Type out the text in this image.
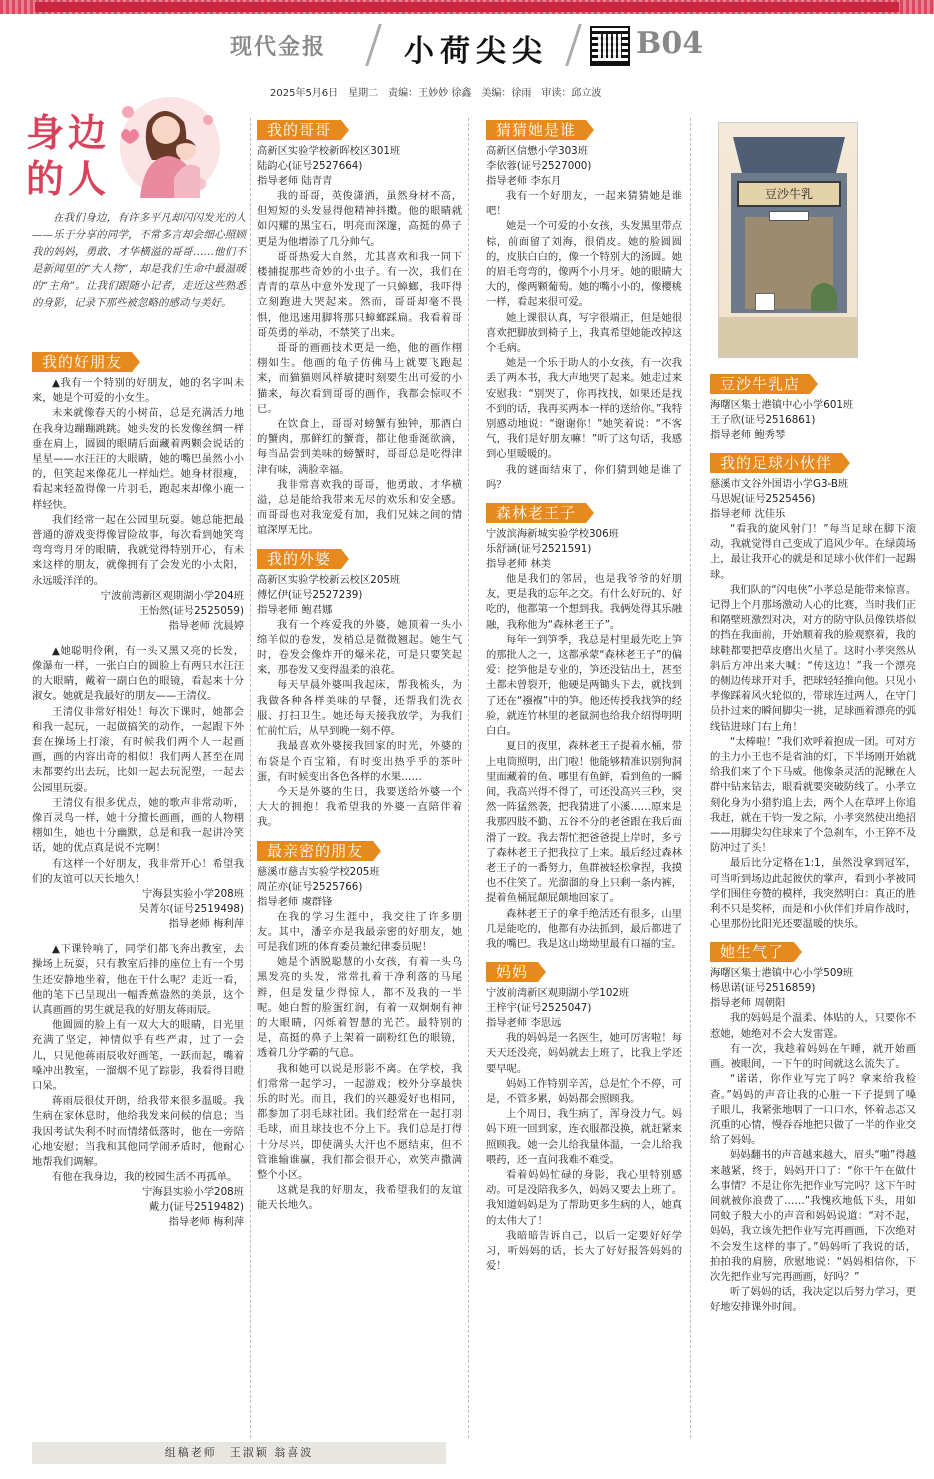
现代金报	小荷尖尖	B04
2025年5月6日　星期二　责编：王妙妙 徐鑫　美编：徐雨　审读：邱立波
身边的人
在我们身边，有许多平凡却闪闪发光的人——乐于分享的同学，不常多言却会细心照顾我的妈妈，勇敢、才华横溢的哥哥……他们不是新闻里的“大人物”，却是我们生命中最温暖的“主角”。让我们跟随小记者，走近这些熟悉的身影，记录下那些被忽略的感动与美好。
我的好朋友

▲我有一个特别的好朋友，她的名字叫未来，她是个可爱的小女生。

未来就像春天的小树苗，总是充满活力地在我身边蹦蹦跳跳。她头发的长发像丝绸一样垂在肩上，圆圆的眼睛后面藏着两颗会说话的星星——水汪汪的大眼睛，她的嘴巴虽然小小的，但笑起来像花儿一样灿烂。她身材很瘦，看起来轻盈得像一片羽毛，跑起来却像小鹿一样轻快。

我们经常一起在公园里玩耍。她总能把最普通的游戏变得像冒险故事，每次看到她笑弯弯弯弯月牙的眼睛，我就觉得特别开心，有未来这样的朋友，就像拥有了会发光的小太阳，永远暖洋洋的。

宁波前湾新区观期湖小学204班
王怡然(证号2525059)
指导老师 沈晨婷

▲她聪明伶俐，有一头又黑又亮的长发，像瀑布一样，一张白白的圆脸上有两只水汪汪的大眼睛，戴着一副白色的眼镜，看起来十分淑女。她就是我最好的朋友——王清仪。

王清仪非常好相处！每次下课时，她都会和我一起玩，一起做搞笑的动作，一起跟下外套在操场上打滚，有时候我们两个人一起画画，画的内容出奇的相似！我们两人甚至在周末都要约出去玩，比如一起去玩泥塑，一起去公园里玩耍。

王清仪有很多优点，她的歌声非常动听，像百灵鸟一样，她十分擅长画画，画的人物栩栩如生，她也十分幽默，总是和我一起讲冷笑话，她的优点真是说不完啊！

有这样一个好朋友，我非常开心！希望我们的友谊可以天长地久！

宁海县实验小学208班
吴菁尔(证号2519498)
指导老师 梅利萍

▲下课铃响了，同学们都飞奔出教室，去操场上玩耍，只有教室后排的座位上有一个男生还安静地坐着，他在干什么呢？走近一看，他的笔下已呈现出一幅香蕉盎然的美景，这个认真画画的男生就是我的好朋友蒋雨辰。

他圆圆的脸上有一双大大的眼睛，目光里充满了坚定，神情似乎有些严肃，过了一会儿，只见他蒋雨辰收好画笔，一跃而起，嘴着嗓冲出教室，一溜烟不见了踪影，我看得目瞪口呆。

蒋雨辰很仗开朗，给我带来很多温暖。我生病在家休息时，他给我发来问候的信息；当我因考试失利不时而情绪低落时，他在一旁陪心地安慰；当我和其他同学闹矛盾时，他耐心地帮我们调解。

有他在我身边，我的校园生活不再孤单。

宁海县实验小学208班
戴力(证号2519482)
指导老师 梅利萍
我的哥哥
高新区实验学校新晖校区301班
陆韵心(证号2527664)
指导老师 陆青青

我的哥哥，英俊潇洒，虽然身材不高，但短短的头发显得他精神抖擞。他的眼睛就如闪耀的黑宝石，明亮而深邃，高挺的鼻子更是为他增添了几分帅气。

哥哥热爱大自然，尤其喜欢和我一同下楼捕捉那些奇妙的小虫子。有一次，我们在青青的草丛中意外发现了一只蟑螂，我吓得立刻跑进大哭起来。然而，哥哥却毫不畏惧，他迅速用脚将那只蟑螂踩扁。我看着哥哥英勇的举动，不禁笑了出来。

哥哥的画画技术更是一绝，他的画作栩栩如生。他画的龟子仿佛马上就要飞跑起来，而猫猫则风样敏捷时刻要生出可爱的小猫来，每次看到哥哥的画作，我都会惊叹不已。

在饮食上，哥哥对螃蟹有独钟，那酒白的蟹肉，那鲜红的蟹膏，都让他垂涎欲滴，每当品尝到美味的螃蟹时，哥哥总是吃得津津有味，满脸幸福。

我非常喜欢我的哥哥，他勇敢、才华横溢，总是能给我带来无尽的欢乐和安全感。而哥哥也对我宠爱有加，我们兄妹之间的情谊深厚无比。

我的外婆
高新区实验学校新云校区205班
傅忆伊(证号2527239)
指导老师 鲍君娜

我有一个疼爱我的外婆，她顶着一头小绵羊似的卷发，发梢总是微微翘起。她生气时，卷发会像炸开的爆米花，可是只要笑起来，那卷发又变得温柔的浪花。

每天早晨外婆叫我起床，帮我梳头，为我做各种各样美味的早餐，还帮我们洗衣服、打扫卫生。她还每天接我放学，为我们忙前忙后，从早到晚一刻不停。

我最喜欢外婆接我回家的时光，外婆的布袋是个百宝箱，有时变出热乎乎的茶叶蛋，有时候变出各色各样的水果……

今天是外婆的生日，我要送给外婆一个大大的拥抱！我希望我的外婆一直陪伴着我。

最亲密的朋友
慈溪市慈吉实验学校205班
周芷亦(证号2525766)
指导老师 虞群锋

在我的学习生涯中，我交往了许多朋友。其中，潘辛亦是我最亲密的好朋友，她可是我们班的体育委员兼纪律委员呢！

她是个洒脱聪慧的小女孩，有着一头乌黑发亮的头发，常常扎着干净利落的马尾辫，但是发量少得惊人，都不及我的一半呢。她白皙的脸蛋红润，有着一双炯炯有神的大眼睛，闪烁着智慧的光芒。最特别的是，高挺的鼻子上架着一副粉红色的眼镜，透着几分学霸的气息。

我和她可以说是形影不离。在学校，我们常常一起学习，一起游戏；校外分享最快乐的时光。而且，我们的兴趣爱好也相同，都参加了羽毛球社团。我们经常在一起打羽毛球，而且球技也不分上下。我们总是打得十分尽兴，即使满头大汗也不愿结束，但不管谁输谁赢，我们都会很开心，欢笑声撒满整个小区。

这就是我的好朋友，我希望我们的友谊能天长地久。

猜猜她是谁
高新区信懋小学303班
李依蓉(证号2527000)
指导老师 李东月

我有一个好朋友，一起来猜猜她是谁吧！

她是一个可爱的小女孩，头发黑里带点棕，前面留了刘海，很俏皮。她的脸圆圆的，皮肤白白的，像一个特别大的汤圆。她的眉毛弯弯的，像两个小月牙。她的眼睛大大的，像两颗葡萄。她的嘴小小的，像樱桃一样，看起来很可爱。

她上课很认真，写字很端正，但是她很喜欢把脚放到椅子上，我真希望她能改掉这个毛病。

她是一个乐于助人的小女孩，有一次我丢了两本书，我大声地哭了起来。她走过来安慰我：“别哭了，你再找找，如果还是找不到的话，我再买两本一样的送给你。”我特别感动地说：“谢谢你！”她笑着说：“不客气，我们是好朋友嘛！”听了这句话，我感到心里暖暖的。

我的谜面结束了，你们猜到她是谁了吗？

森林老王子
宁波滨海新城实验学校306班
乐舒涵(证号2521591)
指导老师 林美

他是我们的邻居，也是我爷爷的好朋友，更是我的忘年之交。有什么好玩的、好吃的，他都第一个想到我。我俩处得其乐融融，我称他为“森林老王子”。

每年一到笋季，我总是村里最先吃上笋的那批人之一，这都承蒙“森林老王子”的偏爱：挖笋他是专业的，笋还没钻出土，甚至土都未曾裂开，他硬是两锄头下去，就找到了还在“襁褓”中的笋。他还传授我找笋的经验，就连竹林里的老鼠洞也给我介绍得明明白白。

夏日的夜里，森林老王子提着水桶，带上电筒照明，出门啦！他能够精准识别狗洞里面藏着的鱼、哪里有鱼鲜，看到鱼的一瞬间，我高兴得不得了，可还没高兴三秒，突然一阵猛然袭，把我猜进了小溪……原来是我那四肢不勤、五谷不分的老爸跟在我后面滑了一跤。我去帮忙把爸爸提上岸时，多亏了森林老王子把我拉了上来。最后经过森林老王子的一番努力，鱼群被轻松拿捏，我摸也不住笑了。光溜溜的身上只剩一条内裤，提着鱼桶屁颠屁颠地回家了。

森林老王子的拿手绝活还有很多，山里几是能吃的，他都有办法抓到，最后都进了我的嘴巴。我是这山坳坳里最有口福的宝。

妈妈
宁波前湾新区观期湖小学102班
王梓宇(证号2525047)
指导老师 李思远

我的妈妈是一名医生，她可厉害啦！每天天还没亮，妈妈就去上班了，比我上学还要早呢。

妈妈工作特别辛苦，总是忙个不停，可是，不管多累，妈妈都会照顾我。

上个周日，我生病了，浑身没力气。妈妈下班一回到家，连衣服都没换，就赶紧来照顾我。她一会儿给我量体温，一会儿给我喂药，还一直问我难不难受。

看着妈妈忙碌的身影，我心里特别感动。可是没陪我多久，妈妈又要去上班了。我知道妈妈是为了帮助更多生病的人，她真的太伟大了！

我暗暗告诉自己，以后一定要好好学习，听妈妈的话，长大了好好报答妈妈的爱！

豆沙牛乳
豆沙牛乳店
海曙区集士港镇中心小学601班
王子欣(证号2516861)
指导老师 鲍秀琴
我的足球小伙伴
慈溪市文谷外国语小学G3-B班
马思妮(证号2525456)
指导老师 沈佳乐

“看我的旋风射门！”每当足球在脚下滚动，我就觉得自己变成了追风少年。在绿茵场上，最让我开心的就是和足球小伙伴们一起踢球。

我们队的“闪电侠”小孝总是能带来惊喜。记得上个月那场激动人心的比赛，当时我们正和隔壁班激烈对决，对方的防守队员像铁塔似的挡在我面前，开始顺着我的脸观察着，我的球鞋都要把草皮磨出火星了。这时小孝突然从斜后方冲出来大喊：“传这边！”我一个漂亮的侧边传球开对手，把球轻轻推向他。只见小孝像踩着风火轮似的，带球连过两人，在守门员扑过来的瞬间脚尖一挑，足球画着漂亮的弧线钻进球门右上角！

“太棒啦！”我们欢呼着抱成一团。可对方的主力小王也不是省油的灯，下半场刚开始就给我们来了个下马威。他像条灵活的泥鳅在人群中钻来钻去，眼看就要突破防线了。小孝立刻化身为小猎豹追上去，两个人在草坪上你追我赶，就在干钧一发之际，小孝突然使出绝招——用脚尖勾住球来了个急刹车，小王猝不及防冲过了头！

最后比分定格在1:1，虽然没拿到冠军，可当听到场边此起彼伏的掌声，看到小孝被同学们围住夸赞的模样，我突然明白：真正的胜利不只是奖杯，而是和小伙伴们并肩作战时，心里那份比阳光还要温暖的快乐。

她生气了
海曙区集士港镇中心小学509班
杨思诺(证号2516859)
指导老师 周朝阳

我的妈妈是个温柔、体贴的人，只要你不惹她，她绝对不会大发雷霆。

有一次，我趁着妈妈在午睡，就开始画画。被眼间，一下午的时间就这么流失了。

“诺诺，你作业写完了吗？拿来给我检查。”妈妈的声音让我的心脏一下子提到了嗓子眼儿，我紧张地咽了一口口水，怀着忐忑又沉重的心情，慢吞吞地把只做了一半的作业交给了妈妈。

妈妈翻书的声音越来越大，眉头“啪”得越来越紧，终于，妈妈开口了：“你干午在做什么事情？不是让你先把作业写完吗？这下午时间就被你浪费了……”我愧疚地低下头，用如同蚊子般大小的声音和妈妈说道：“对不起，妈妈，我立该先把作业写完再画画，下次绝对不会发生这样的事了。”妈妈听了我说的话，拍拍我的肩膀，欣慰地说：“妈妈相信你，下次先把作业写完再画画，好吗？”

听了妈妈的话，我决定以后努力学习，更好地安排课外时间。

组稿老师　王淑颖 翁喜波
